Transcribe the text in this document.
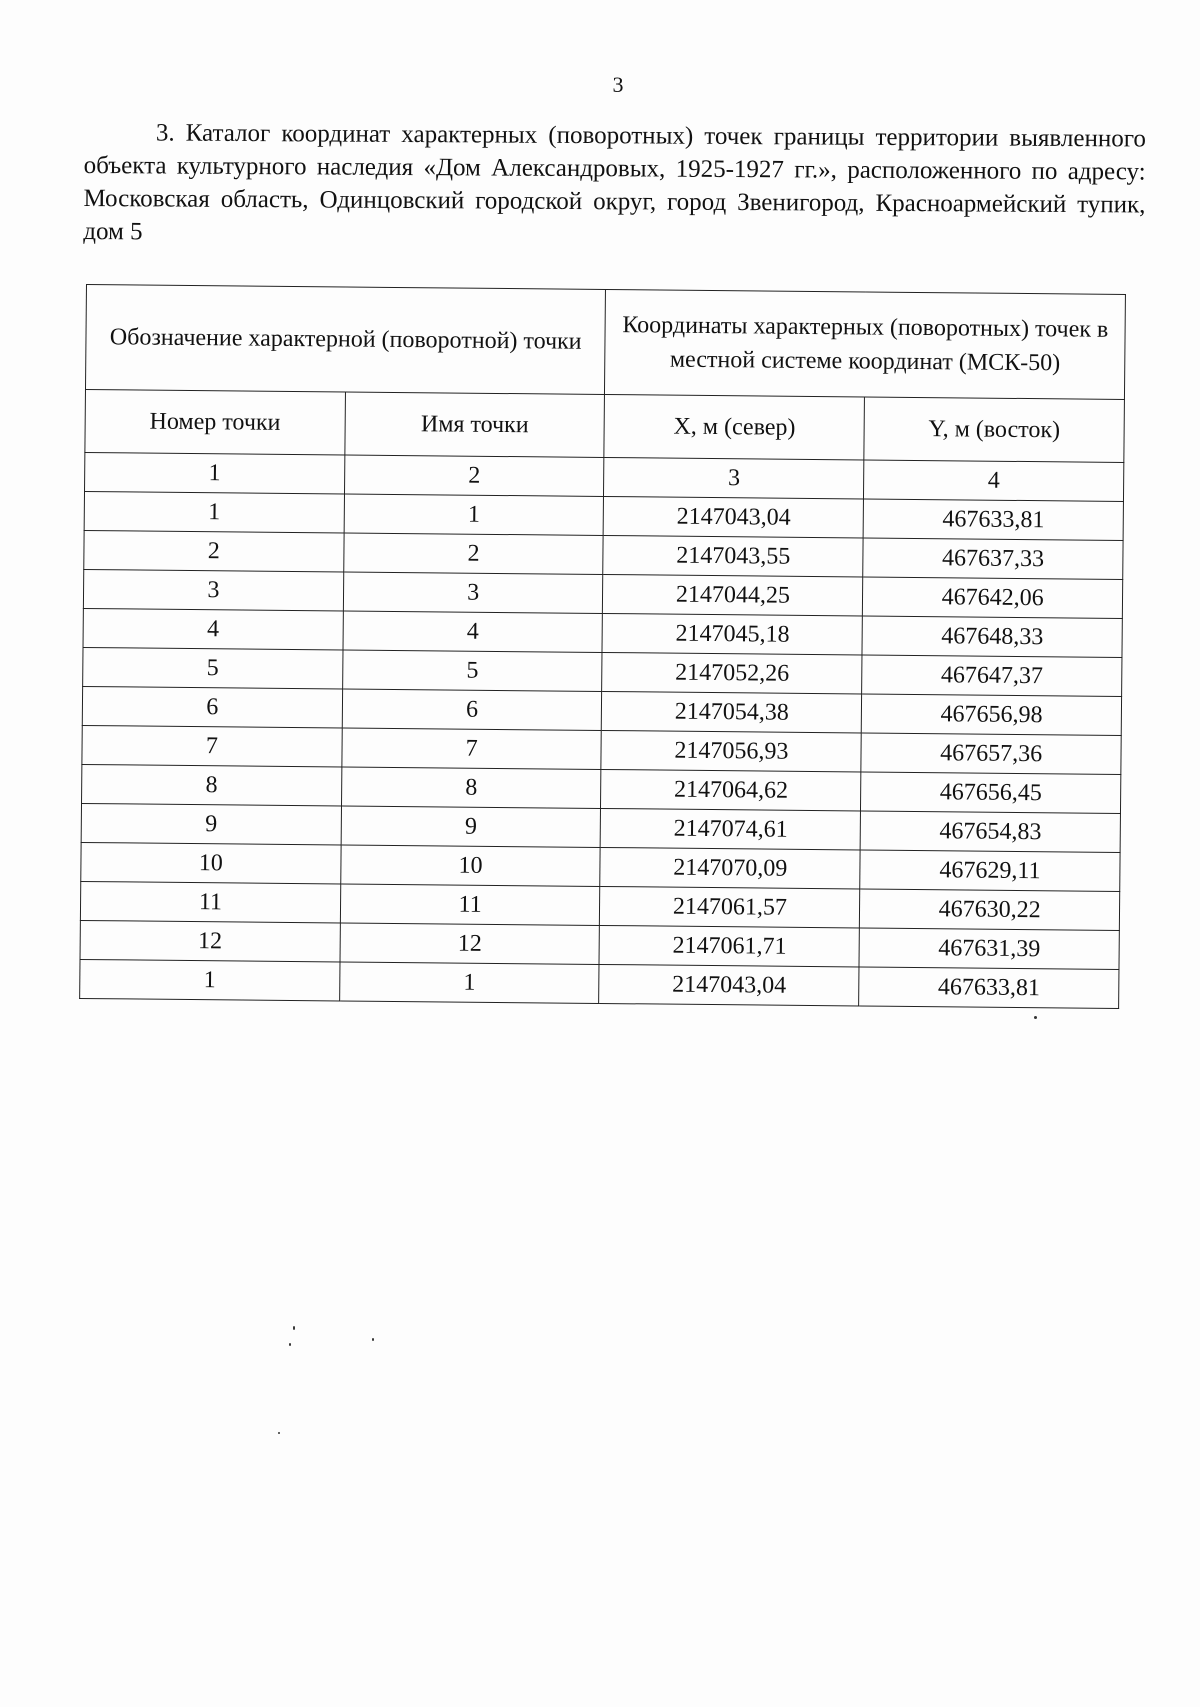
3
3. Каталог координат характерных (поворотных) точек границы территории выявленного объекта культурного наследия «Дом Александровых, 1925-1927 гг.», расположенного по адресу: Московская область, Одинцовский городской округ, город Звенигород, Красноармейский тупик, дом 5
Обозначение характерной (поворотной) точки		Координаты характерных (поворотных) точек в местной системе координат (МСК-50)	
Номер точки	Имя точки	X, м (север)	Y, м (восток)
1	2	3	4
1	1	2147043,04	467633,81
2	2	2147043,55	467637,33
3	3	2147044,25	467642,06
4	4	2147045,18	467648,33
5	5	2147052,26	467647,37
6	6	2147054,38	467656,98
7	7	2147056,93	467657,36
8	8	2147064,62	467656,45
9	9	2147074,61	467654,83
10	10	2147070,09	467629,11
11	11	2147061,57	467630,22
12	12	2147061,71	467631,39
1	1	2147043,04	467633,81
